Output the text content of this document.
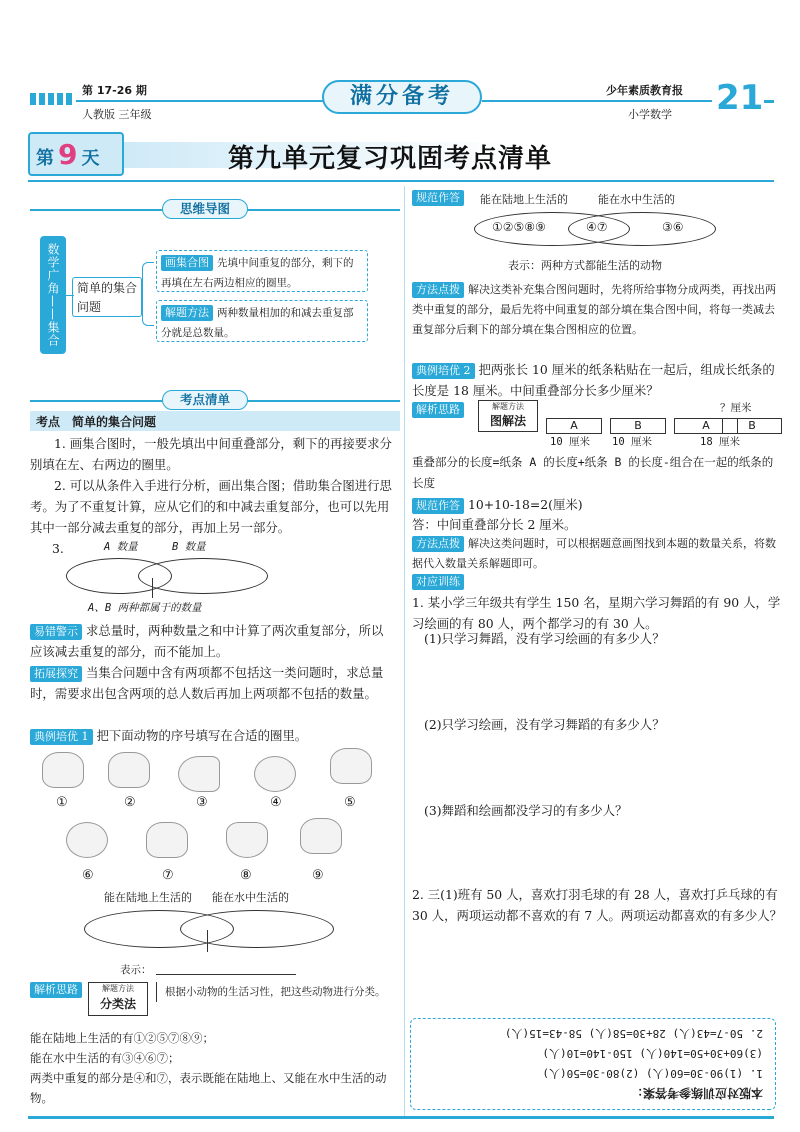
第 17-26 期
人教版 三年级
满分备考	少年素质教育报
小学数学 21
第 9 天	第九单元复习巩固考点清单
思维导图
数学广角——集合	简单的集合问题
画集合图 先填中间重复的部分，剩下的再填在左右两边相应的圈里。
解题方法 两种数量相加的和减去重复部分就是总数量。
考点清单
考点　简单的集合问题
1. 画集合图时，一般先填出中间重叠部分，剩下的再接要求分别填在左、右两边的圈里。
2. 可以从条件入手进行分析，画出集合图；借助集合图进行思考。为了不重复计算，应从它们的和中减去重复部分，也可以先用其中一部分减去重复的部分，再加上另一部分。
3.	A 数量	B 数量
A、B 两种都属于的数量
易错警示 求总量时，两种数量之和中计算了两次重复部分，所以应该减去重复的部分，而不能加上。
拓展探究 当集合问题中含有两项都不包括这一类问题时，求总量时，需要求出包含两项的总人数后再加上两项都不包括的数量。
典例培优 1 把下面动物的序号填写在合适的圈里。
①	②	③	④	⑤
⑥	⑦	⑧	⑨
能在陆地上生活的 能在水中生活的
表示：
解析思路	解题方法
分类法
根据小动物的生活习性，把这些动物进行分类。
能在陆地上生活的有①②⑤⑦⑧⑨；
能在水中生活的有③④⑥⑦；
两类中重复的部分是④和⑦，表示既能在陆地上、又能在水中生活的动物。
规范作答	能在陆地上生活的	能在水中生活的
①②⑤⑧⑨	④⑦	③⑥
表示：两种方式都能生活的动物
方法点拨 解决这类补充集合图问题时，先将所给事物分成两类，再找出两类中重复的部分，最后先将中间重复的部分填在集合图中间，将每一类减去重复部分后剩下的部分填在集合图相应的位置。
典例培优 2 把两张长 10 厘米的纸条粘贴在一起后，组成长纸条的长度是 18 厘米。中间重叠部分长多少厘米？
解析思路	解题方法
图解法	A
10 厘米
B
10 厘米
？厘米
A	B
18 厘米
重叠部分的长度=纸条 A 的长度+纸条 B 的长度-组合在一起的纸条的长度
规范作答 10+10-18=2(厘米)
答：中间重叠部分长 2 厘米。
方法点拨 解决这类问题时，可以根据题意画图找到本题的数量关系，将数据代入数量关系解题即可。
对应训练
1. 某小学三年级共有学生 150 名，星期六学习舞蹈的有 90 人，学习绘画的有 80 人，两个都学习的有 30 人。
(1)只学习舞蹈，没有学习绘画的有多少人？
(2)只学习绘画，没有学习舞蹈的有多少人？
(3)舞蹈和绘画都没学习的有多少人？
2. 三(1)班有 50 人，喜欢打羽毛球的有 28 人，喜欢打乒乓球的有 30 人，两项运动都不喜欢的有 7 人。两项运动都喜欢的有多少人？
本版对应训练参考答案：
1. (1)90-30=60(人) (2)80-30=50(人)
(3)60+30+50=140(人) 150-140=10(人)
2. 50-7=43(人) 28+30=58(人) 58-43=15(人)
